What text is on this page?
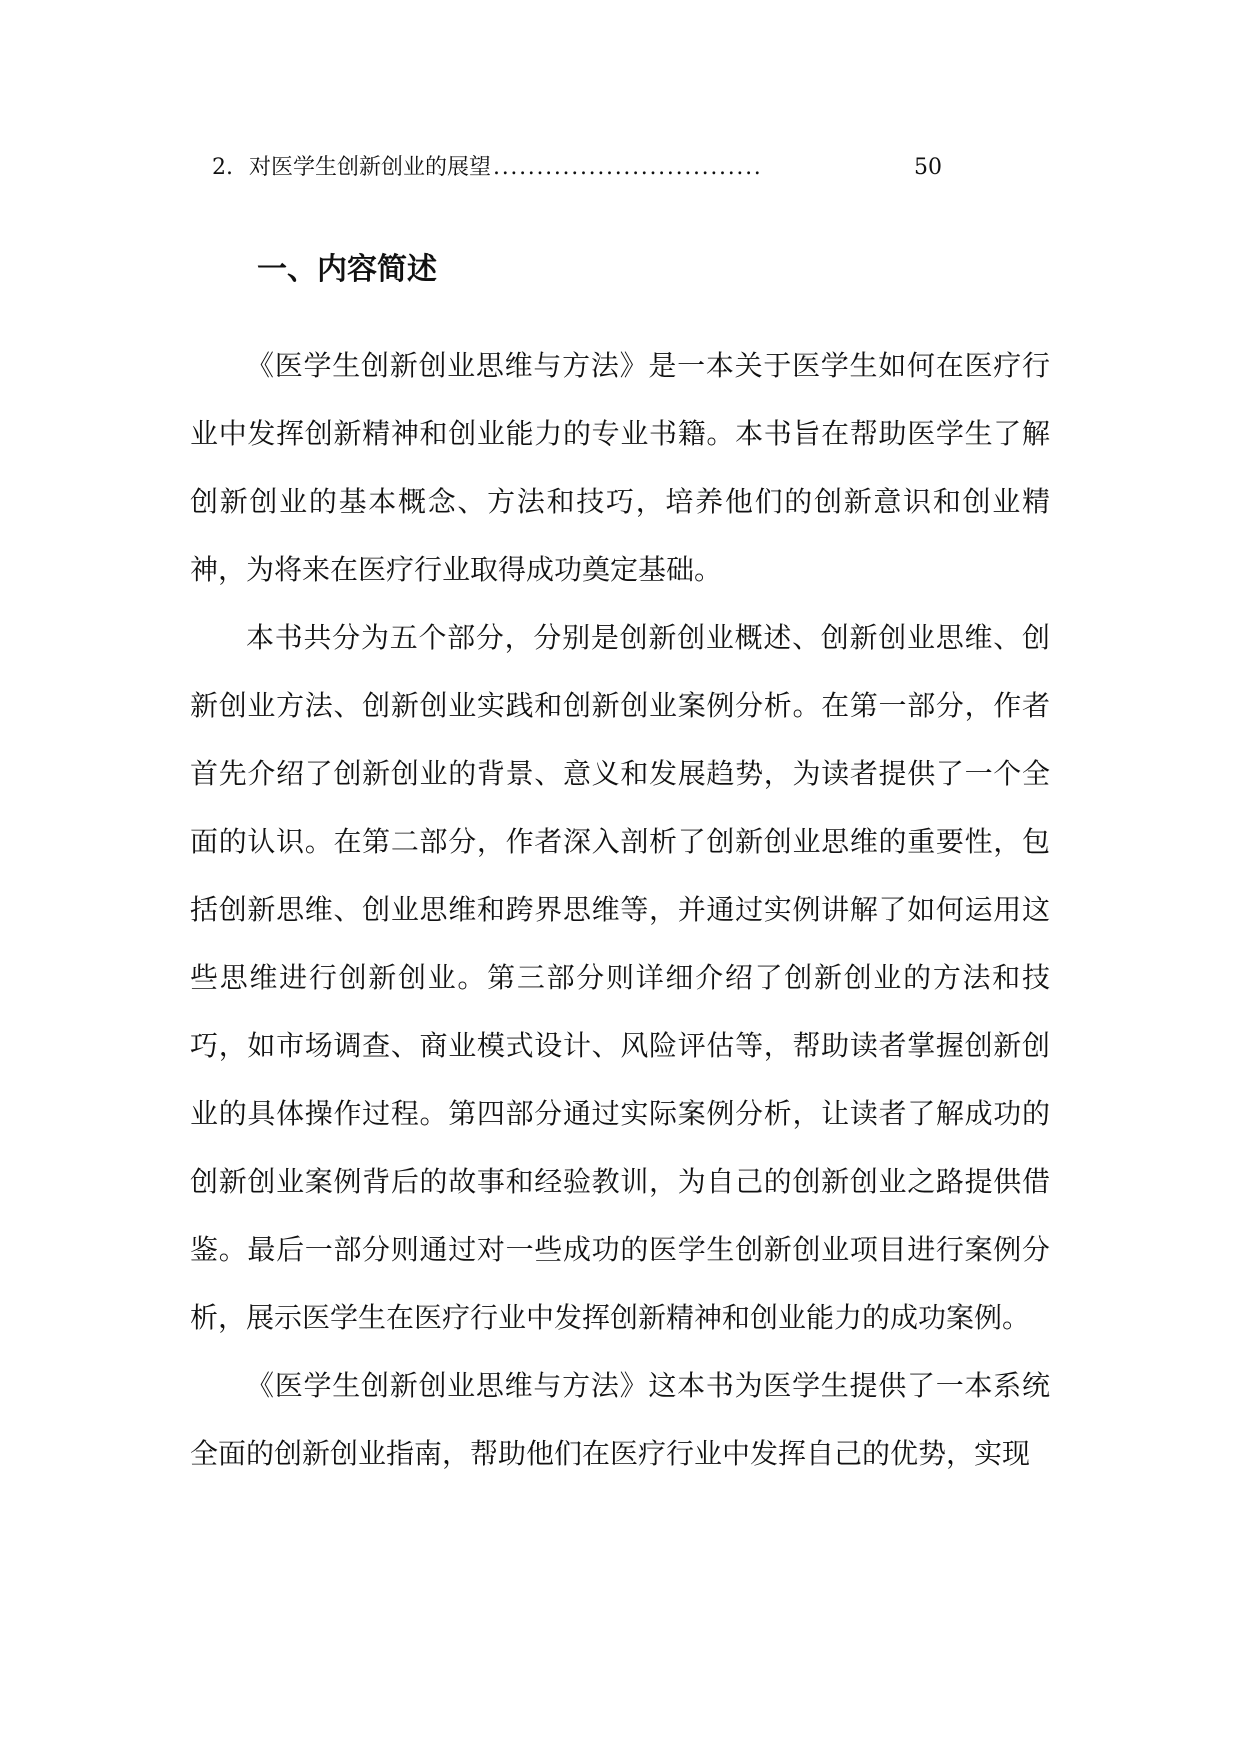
2. 对医学生创新创业的展望 ...............................	50
一、内容简述

《医学生创新创业思维与方法》是一本关于医学生如何在医疗行业中发挥创新精神和创业能力的专业书籍。本书旨在帮助医学生了解创新创业的基本概念、方法和技巧，培养他们的创新意识和创业精神，为将来在医疗行业取得成功奠定基础。

本书共分为五个部分，分别是创新创业概述、创新创业思维、创新创业方法、创新创业实践和创新创业案例分析。在第一部分，作者首先介绍了创新创业的背景、意义和发展趋势，为读者提供了一个全面的认识。在第二部分，作者深入剖析了创新创业思维的重要性，包括创新思维、创业思维和跨界思维等，并通过实例讲解了如何运用这些思维进行创新创业。第三部分则详细介绍了创新创业的方法和技巧，如市场调查、商业模式设计、风险评估等，帮助读者掌握创新创业的具体操作过程。第四部分通过实际案例分析，让读者了解成功的创新创业案例背后的故事和经验教训，为自己的创新创业之路提供借鉴。最后一部分则通过对一些成功的医学生创新创业项目进行案例分析，展示医学生在医疗行业中发挥创新精神和创业能力的成功案例。

《医学生创新创业思维与方法》这本书为医学生提供了一本系统全面的创新创业指南，帮助他们在医疗行业中发挥自己的优势，实现
